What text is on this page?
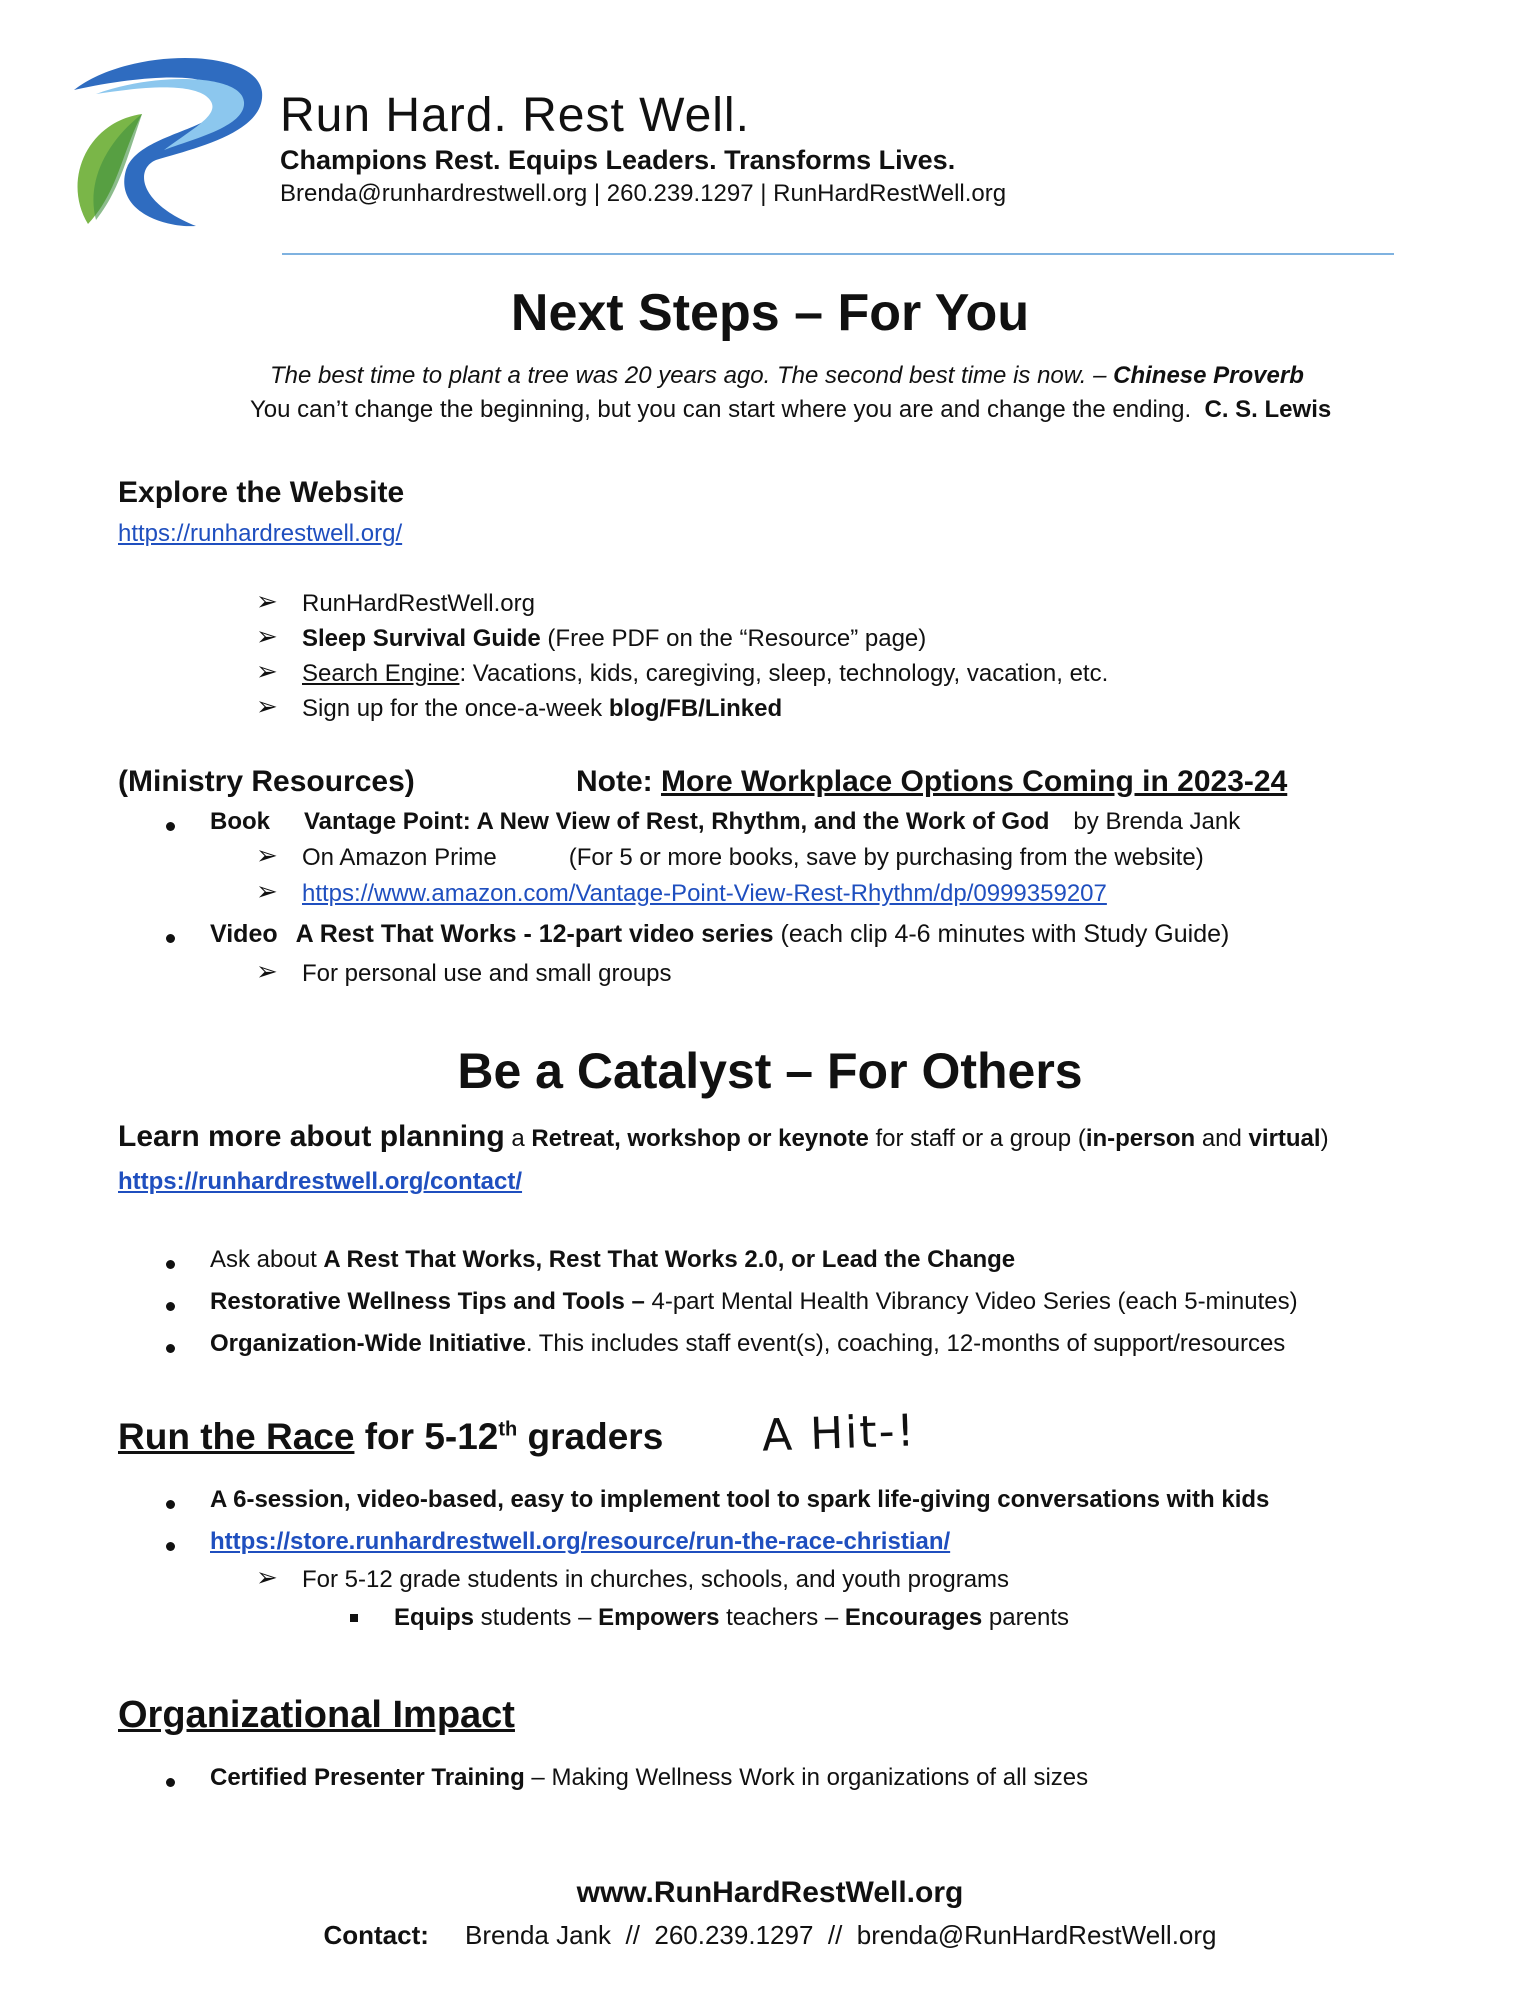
Run Hard. Rest Well.
Champions Rest. Equips Leaders. Transforms Lives.
Brenda@runhardrestwell.org | 260.239.1297 | RunHardRestWell.org
Next Steps – For You
The best time to plant a tree was 20 years ago. The second best time is now. – Chinese Proverb
You can’t change the beginning, but you can start where you are and change the ending. C. S. Lewis
Explore the Website
https://runhardrestwell.org/
➢ RunHardRestWell.org
➢ Sleep Survival Guide (Free PDF on the “Resource” page)
➢ Search Engine: Vacations, kids, caregiving, sleep, technology, vacation, etc.
➢ Sign up for the once-a-week blog/FB/Linked
(Ministry Resources)	Note: More Workplace Options Coming in 2023-24
Book Vantage Point: A New View of Rest, Rhythm, and the Work of God by Brenda Jank
➢ On Amazon Prime	(For 5 or more books, save by purchasing from the website)
➢ https://www.amazon.com/Vantage-Point-View-Rest-Rhythm/dp/0999359207
Video A Rest That Works - 12-part video series (each clip 4-6 minutes with Study Guide)
➢ For personal use and small groups
Be a Catalyst – For Others
Learn more about planning a Retreat, workshop or keynote for staff or a group (in-person and virtual)
https://runhardrestwell.org/contact/
Ask about A Rest That Works, Rest That Works 2.0, or Lead the Change
Restorative Wellness Tips and Tools – 4-part Mental Health Vibrancy Video Series (each 5-minutes)
Organization-Wide Initiative. This includes staff event(s), coaching, 12-months of support/resources
Run the Race for 5-12th graders A Hit-!
A 6-session, video-based, easy to implement tool to spark life-giving conversations with kids
https://store.runhardrestwell.org/resource/run-the-race-christian/
➢ For 5-12 grade students in churches, schools, and youth programs
Equips students – Empowers teachers – Encourages parents
Organizational Impact
Certified Presenter Training – Making Wellness Work in organizations of all sizes
www.RunHardRestWell.org
Contact: Brenda Jank  //  260.239.1297  //  brenda@RunHardRestWell.org
